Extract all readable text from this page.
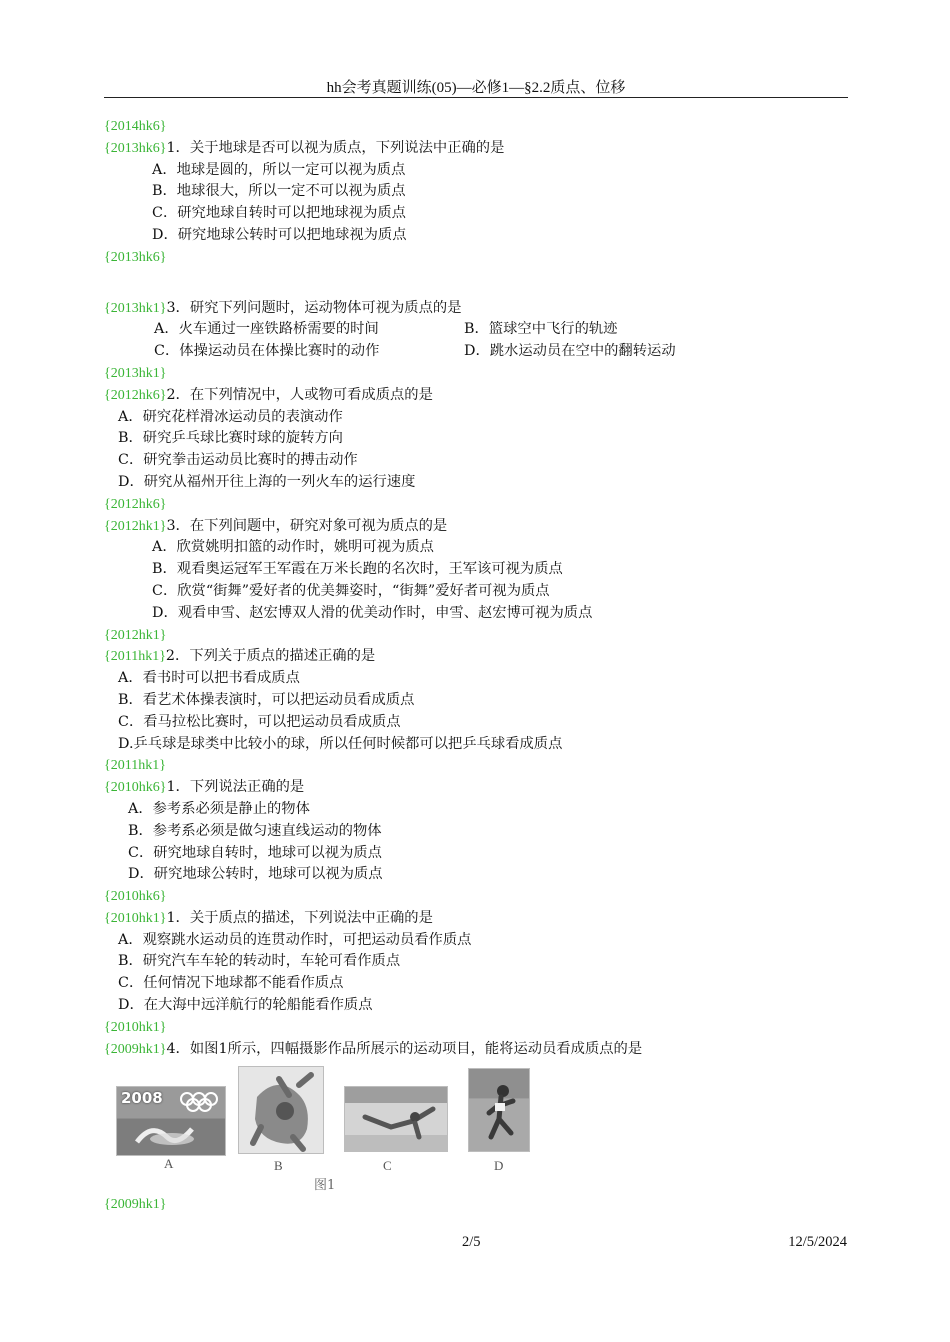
hh会考真题训练(05)—必修1—§2.2质点、位移
{2014hk6}
{2013hk6}1．关于地球是否可以视为质点，下列说法中正确的是
A．地球是圆的，所以一定可以视为质点
B．地球很大，所以一定不可以视为质点
C．研究地球自转时可以把地球视为质点
D．研究地球公转时可以把地球视为质点
{2013hk6}
{2013hk1}3．研究下列问题时，运动物体可视为质点的是
A．火车通过一座铁路桥需要的时间	B．篮球空中飞行的轨迹
C．体操运动员在体操比赛时的动作	D．跳水运动员在空中的翻转运动
{2013hk1}
{2012hk6}2．在下列情况中，人或物可看成质点的是
A．研究花样滑冰运动员的表演动作
B．研究乒乓球比赛时球的旋转方向
C．研究拳击运动员比赛时的搏击动作
D．研究从福州开往上海的一列火车的运行速度
{2012hk6}
{2012hk1}3．在下列间题中，研究对象可视为质点的是
A．欣赏姚明扣篮的动作时，姚明可视为质点
B．观看奥运冠军王军霞在万米长跑的名次时，王军该可视为质点
C．欣赏“街舞”爱好者的优美舞姿时，“街舞”爱好者可视为质点
D．观看申雪、赵宏博双人滑的优美动作时，申雪、赵宏博可视为质点
{2012hk1}
{2011hk1}2．下列关于质点的描述正确的是
A．看书时可以把书看成质点
B．看艺术体操表演时，可以把运动员看成质点
C．看马拉松比赛时，可以把运动员看成质点
D.乒乓球是球类中比较小的球，所以任何时候都可以把乒乓球看成质点
{2011hk1}
{2010hk6}1．下列说法正确的是
A．参考系必须是静止的物体
B．参考系必须是做匀速直线运动的物体
C．研究地球自转时，地球可以视为质点
D．研究地球公转时，地球可以视为质点
{2010hk6}
{2010hk1}1．关于质点的描述，下列说法中正确的是
A．观察跳水运动员的连贯动作时，可把运动员看作质点
B．研究汽车车轮的转动时，车轮可看作质点
C．任何情况下地球都不能看作质点
D．在大海中远洋航行的轮船能看作质点
{2010hk1}
{2009hk1}4．如图1所示，四幅摄影作品所展示的运动项目，能将运动员看成质点的是
2008
A	B	C	D
图1
{2009hk1}
2/5	12/5/2024
